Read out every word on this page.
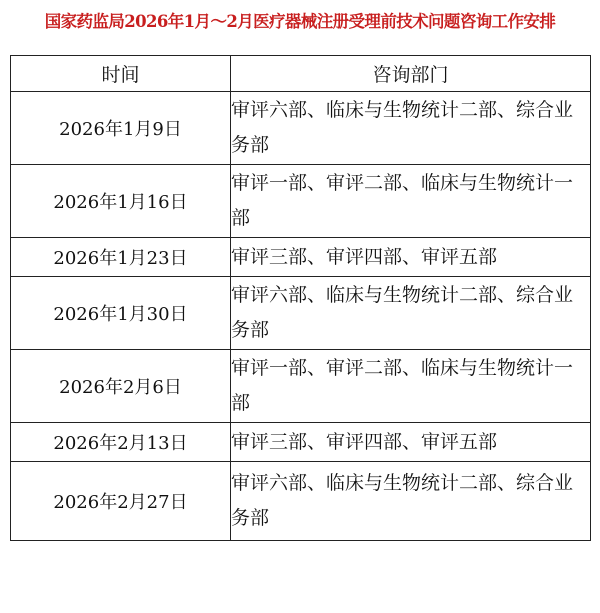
国家药监局2026年1月～2月医疗器械注册受理前技术问题咨询工作安排
时间	咨询部门
2026年1月9日	审评六部、临床与生物统计二部、综合业务部
2026年1月16日	审评一部、审评二部、临床与生物统计一部
2026年1月23日	审评三部、审评四部、审评五部
2026年1月30日	审评六部、临床与生物统计二部、综合业务部
2026年2月6日	审评一部、审评二部、临床与生物统计一部
2026年2月13日	审评三部、审评四部、审评五部
2026年2月27日	审评六部、临床与生物统计二部、综合业务部
